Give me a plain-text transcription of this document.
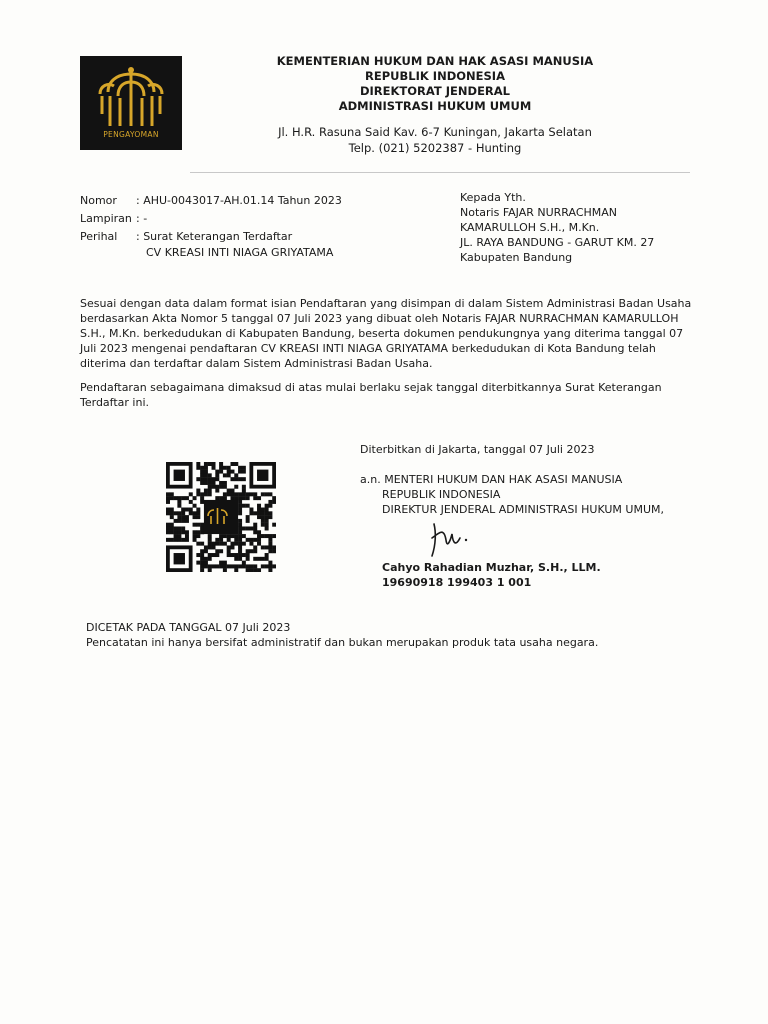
PENGAYOMAN
KEMENTERIAN HUKUM DAN HAK ASASI MANUSIA
REPUBLIK INDONESIA
DIREKTORAT JENDERAL
ADMINISTRASI HUKUM UMUM
Jl. H.R. Rasuna Said Kav. 6-7 Kuningan, Jakarta Selatan
Telp. (021) 5202387 - Hunting
Nomor : AHU-0043017-AH.01.14 Tahun 2023
Lampiran : -
Perihal : Surat Keterangan Terdaftar
CV KREASI INTI NIAGA GRIYATAMA
Kepada Yth.
Notaris FAJAR NURRACHMAN
KAMARULLOH S.H., M.Kn.
JL. RAYA BANDUNG - GARUT KM. 27
Kabupaten Bandung
Sesuai dengan data dalam format isian Pendaftaran yang disimpan di dalam Sistem Administrasi Badan Usaha berdasarkan Akta Nomor 5 tanggal 07 Juli 2023 yang dibuat oleh Notaris FAJAR NURRACHMAN KAMARULLOH S.H., M.Kn. berkedudukan di Kabupaten Bandung, beserta dokumen pendukungnya yang diterima tanggal 07 Juli 2023 mengenai pendaftaran CV KREASI INTI NIAGA GRIYATAMA berkedudukan di Kota Bandung telah diterima dan terdaftar dalam Sistem Administrasi Badan Usaha.
Pendaftaran sebagaimana dimaksud di atas mulai berlaku sejak tanggal diterbitkannya Surat Keterangan Terdaftar ini.
Diterbitkan di Jakarta, tanggal 07 Juli 2023
a.n. MENTERI HUKUM DAN HAK ASASI MANUSIA
REPUBLIK INDONESIA
DIREKTUR JENDERAL ADMINISTRASI HUKUM UMUM,
Cahyo Rahadian Muzhar, S.H., LLM.
19690918 199403 1 001
DICETAK PADA TANGGAL 07 Juli 2023
Pencatatan ini hanya bersifat administratif dan bukan merupakan produk tata usaha negara.
